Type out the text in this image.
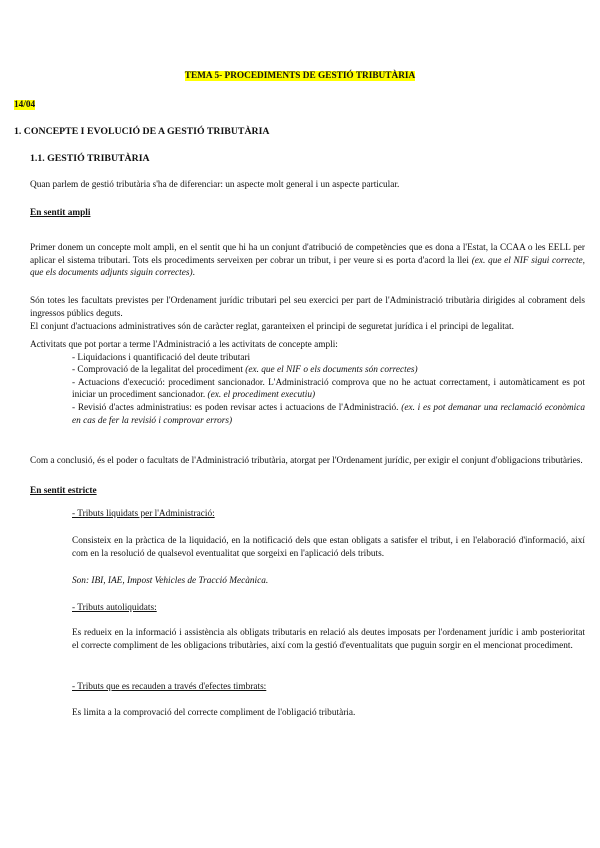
TEMA 5- PROCEDIMENTS DE GESTIÓ TRIBUTÀRIA
14/04
1. CONCEPTE I EVOLUCIÓ DE A GESTIÓ TRIBUTÀRIA
1.1. GESTIÓ TRIBUTÀRIA

Quan parlem de gestió tributària s'ha de diferenciar: un aspecte molt general i un aspecte particular.

En sentit ampli

Primer donem un concepte molt ampli, en el sentit que hi ha un conjunt d'atribució de competències que es dona a l'Estat, la CCAA o les EELL per aplicar el sistema tributari. Tots els procediments serveixen per cobrar un tribut, i per veure si es porta d'acord la llei (ex. que el NIF sigui correcte, que els documents adjunts siguin correctes).

Són totes les facultats previstes per l'Ordenament jurídic tributari pel seu exercici per part de l'Administració tributària dirigides al cobrament dels ingressos públics deguts.

El conjunt d'actuacions administratives són de caràcter reglat, garanteixen el principi de seguretat jurídica i el principi de legalitat.

Activitats que pot portar a terme l'Administració a les activitats de concepte ampli:

- Liquidacions i quantificació del deute tributari

- Comprovació de la legalitat del procediment (ex. que el NIF o els documents són correctes)

- Actuacions d'execució: procediment sancionador. L'Administració comprova que no he actuat correctament, i automàticament es pot iniciar un procediment sancionador. (ex. el procediment executiu)

- Revisió d'actes administratius: es poden revisar actes i actuacions de l'Administració. (ex. i es pot demanar una reclamació econòmica en cas de fer la revisió i comprovar errors)

Com a conclusió, és el poder o facultats de l'Administració tributària, atorgat per l'Ordenament jurídic, per exigir el conjunt d'obligacions tributàries.

En sentit estricte

- Tributs liquidats per l'Administració:

Consisteix en la pràctica de la liquidació, en la notificació dels que estan obligats a satisfer el tribut, i en l'elaboració d'informació, així com en la resolució de qualsevol eventualitat que sorgeixi en l'aplicació dels tributs.

Son: IBI, IAE, Impost Vehicles de Tracció Mecànica.

- Tributs autoliquidats:

Es redueix en la informació i assistència als obligats tributaris en relació als deutes imposats per l'ordenament jurídic i amb posterioritat el correcte compliment de les obligacions tributàries, així com la gestió d'eventualitats que puguin sorgir en el mencionat procediment.

- Tributs que es recauden a través d'efectes timbrats:

Es limita a la comprovació del correcte compliment de l'obligació tributària.
